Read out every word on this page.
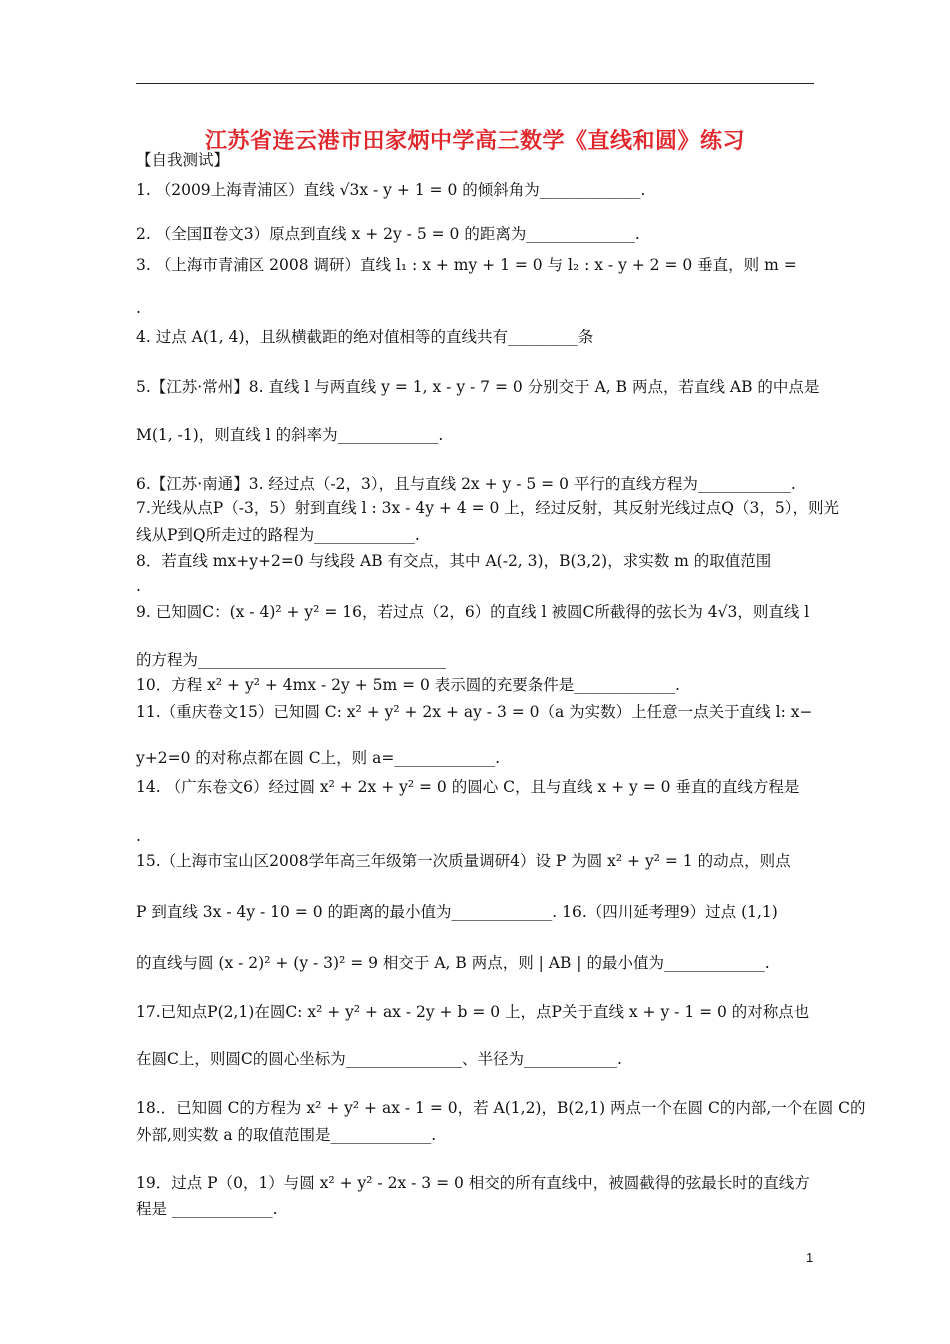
江苏省连云港市田家炳中学高三数学《直线和圆》练习
【自我测试】
1. （2009上海青浦区）直线 √3x - y + 1 = 0 的倾斜角为_____________.
2. （全国Ⅱ卷文3）原点到直线 x + 2y - 5 = 0 的距离为______________.
3. （上海市青浦区 2008 调研）直线 l₁ : x + my + 1 = 0 与 l₂ : x - y + 2 = 0 垂直，则 m =
.
4. 过点 A(1, 4)，且纵横截距的绝对值相等的直线共有_________条
5.【江苏·常州】8. 直线 l 与两直线 y = 1, x - y - 7 = 0 分别交于 A, B 两点，若直线 AB 的中点是
M(1, -1)，则直线 l 的斜率为_____________.
6.【江苏·南通】3. 经过点（-2，3），且与直线 2x + y - 5 = 0 平行的直线方程为____________.
7.光线从点P（-3，5）射到直线 l : 3x - 4y + 4 = 0 上，经过反射，其反射光线过点Q（3，5），则光
线从P到Q所走过的路程为_____________.
8．若直线 mx+y+2=0 与线段 AB 有交点，其中 A(-2, 3)，B(3,2)，求实数 m 的取值范围
.
9. 已知圆C：(x - 4)² + y² = 16，若过点（2，6）的直线 l 被圆C所截得的弦长为 4√3，则直线 l
的方程为________________________________
10．方程 x² + y² + 4mx - 2y + 5m = 0 表示圆的充要条件是_____________.
11.（重庆卷文15）已知圆 C: x² + y² + 2x + ay - 3 = 0（a 为实数）上任意一点关于直线 l: x−
y+2=0 的对称点都在圆 C上，则 a=_____________.
14. （广东卷文6）经过圆 x² + 2x + y² = 0 的圆心 C，且与直线 x + y = 0 垂直的直线方程是
.
15.（上海市宝山区2008学年高三年级第一次质量调研4）设 P 为圆 x² + y² = 1 的动点，则点
P 到直线 3x - 4y - 10 = 0 的距离的最小值为_____________. 16.（四川延考理9）过点 (1,1)
的直线与圆 (x - 2)² + (y - 3)² = 9 相交于 A, B 两点，则 | AB | 的最小值为_____________.
17.已知点P(2,1)在圆C: x² + y² + ax - 2y + b = 0 上，点P关于直线 x + y - 1 = 0 的对称点也
在圆C上，则圆C的圆心坐标为_______________、半径为____________.
18.．已知圆 C的方程为 x² + y² + ax - 1 = 0，若 A(1,2)，B(2,1) 两点一个在圆 C的内部,一个在圆 C的
外部,则实数 a 的取值范围是_____________.
19．过点 P（0，1）与圆 x² + y² - 2x - 3 = 0 相交的所有直线中，被圆截得的弦最长时的直线方
程是 _____________.
1
